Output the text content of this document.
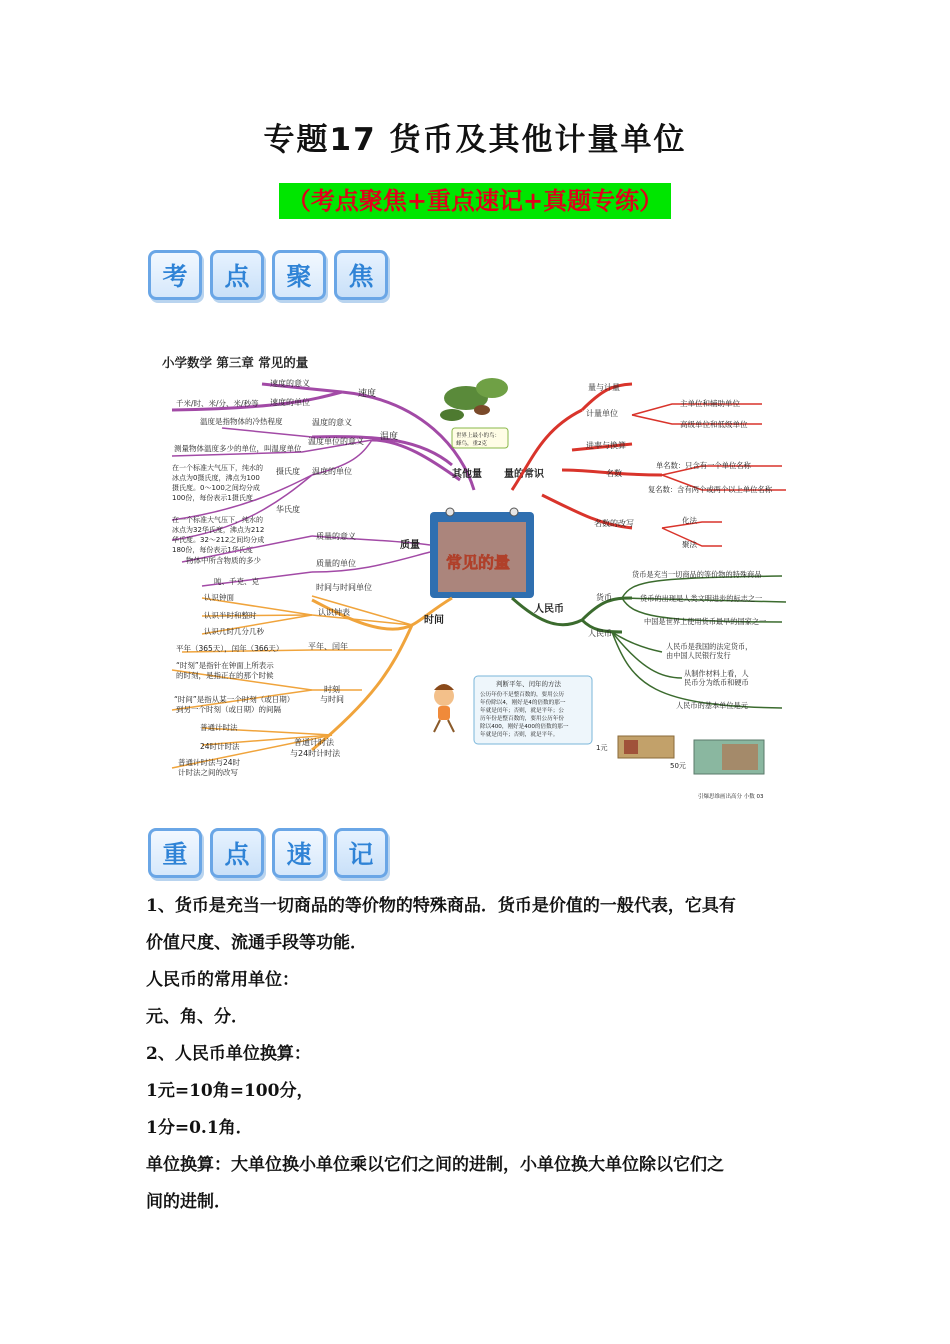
专题17 货币及其他计量单位
（考点聚焦+重点速记+真题专练）
考	点	聚	焦
小学数学 第三章 常见的量
速度
速度的意义
速度的单位
千米/时、米/分、米/秒等
温度
温度的意义
温度是指物体的冷热程度
温度单位的意义
测量物体温度多少的单位，叫温度单位
温度的单位
摄氏度
在一个标准大气压下，纯水的
冰点为0摄氏度，沸点为100
摄氏度。0～100之间均分成
100份，每份表示1摄氏度
华氏度
在一个标准大气压下，纯水的
冰点为32华氏度，沸点为212
华氏度。32～212之间均分成
180份，每份表示1华氏度
世界上最小的鸟：
蜂鸟，重2克
其他量 量的常识
常见的量
质量
质量的意义
物体中所含物质的多少	质量的单位
吨、千克、克
时间
时间与时间单位
认识钟表
认识钟面
认识半时和整时
认识几时几分几秒
平年、闰年
平年（365天），闰年（366天）
时刻
与时间
“时刻”是指针在钟面上所表示
的时刻，是指正在的那个时候
“时间”是指从某一个时刻（或日期）
到另一个时刻（或日期）的间隔
普通计时法
与24时计时法
普通计时法
24时计时法
普通计时法与24时
计时法之间的改写
判断平年、闰年的方法
公历年份不是整百数的，要用公历
年份除以4，刚好是4的倍数的那一
年就是闰年；否则，就是平年；公
历年份是整百数的，要用公历年份
除以400，刚好是400的倍数的那一
年就是闰年；否则，就是平年。
量与计量
计量单位
主单位和辅助单位
高级单位和低级单位
进率与换算
名数
单名数：只含有一个单位名称
复名数：含有两个或两个以上单位名称
名数的改写	化法
聚法
人民币
货币
人民币
货币是充当一切商品的等价物的特殊商品
货币的出现是人类文明进步的标志之一
中国是世界上使用货币最早的国家之一
人民币是我国的法定货币，
由中国人民银行发行
从制作材料上看，人
民币分为纸币和硬币
人民币的基本单位是元
1元
50元
引爆思维画出高分 小数 03
重	点	速	记

1、货币是充当一切商品的等价物的特殊商品．货币是价值的一般代表，它具有

价值尺度、流通手段等功能．

人民币的常用单位：

元、角、分．

2、人民币单位换算：

1元=10角=100分，

1分=0.1角．

单位换算：大单位换小单位乘以它们之间的进制，小单位换大单位除以它们之

间的进制．
